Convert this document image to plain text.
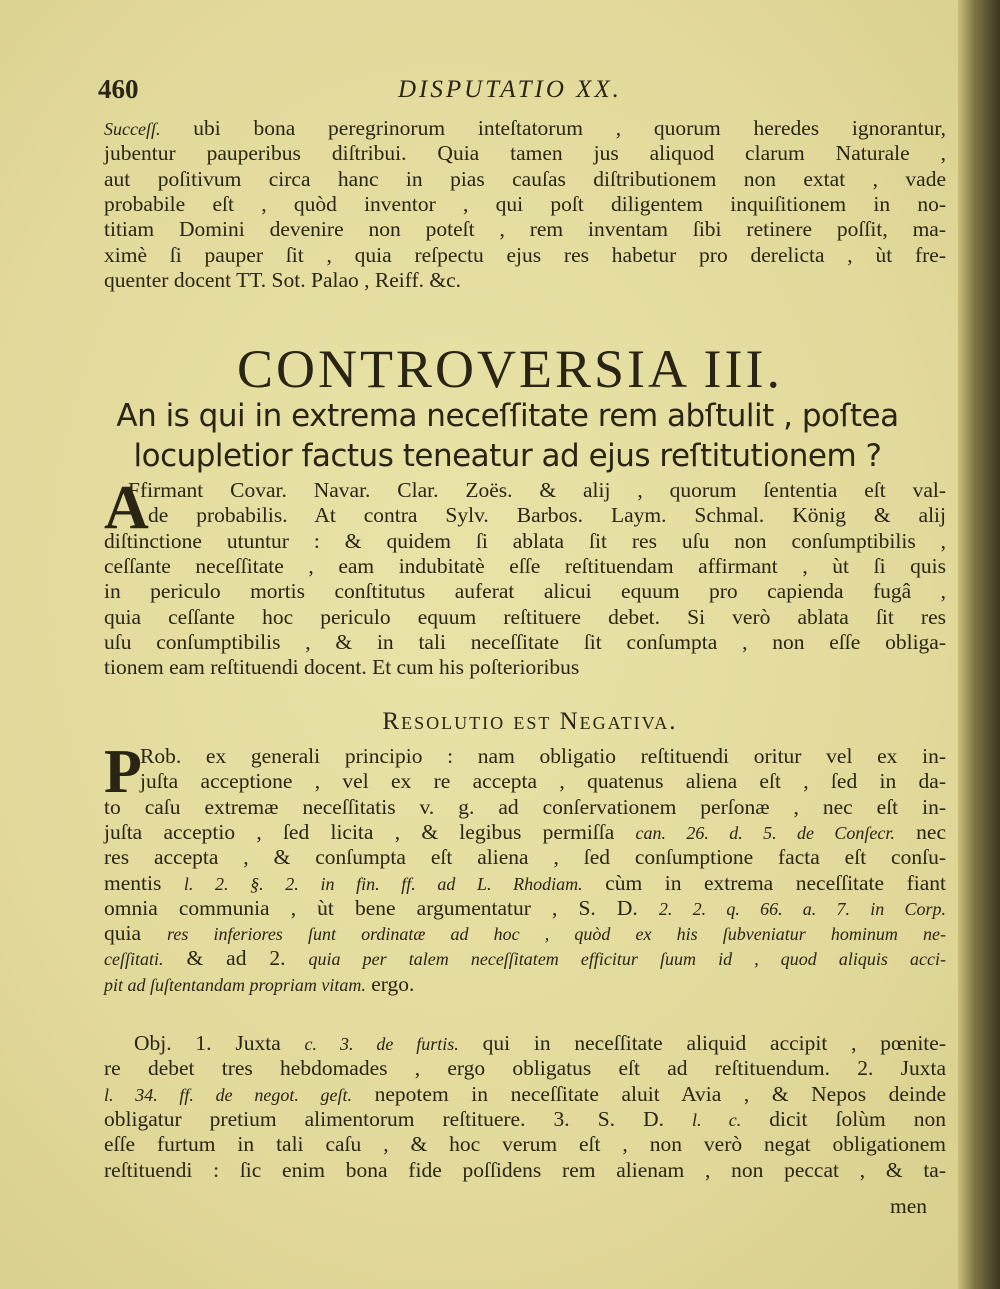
460	DISPUTATIO XX.
Succeſſ. ubi bona peregrinorum inteſtatorum , quorum heredes ignorantur,
jubentur pauperibus diſtribui. Quia tamen jus aliquod clarum Naturale ,
aut poſitivum circa hanc in pias cauſas diſtributionem non extat , vade
probabile eſt , quòd inventor , qui poſt diligentem inquiſitionem in no-
titiam Domini devenire non poteſt , rem inventam ſibi retinere poſſit, ma-
ximè ſi pauper ſit , quia reſpectu ejus res habetur pro derelicta , ùt fre-
quenter docent TT. Sot. Palao , Reiff. &c.
CONTROVERSIA III.
An is qui in extrema neceſſitate rem abſtulit , poſtea
locupletior factus teneatur ad ejus reſtitutionem ?
A
Ffirmant Covar. Navar. Clar. Zoës. & alij , quorum ſententia eſt val-
de probabilis. At contra Sylv. Barbos. Laym. Schmal. König & alij
diſtinctione utuntur : & quidem ſi ablata ſit res uſu non conſumptibilis ,
ceſſante neceſſitate , eam indubitatè eſſe reſtituendam affirmant , ùt ſi quis
in periculo mortis conſtitutus auferat alicui equum pro capienda fugâ ,
quia ceſſante hoc periculo equum reſtituere debet. Si verò ablata ſit res
uſu conſumptibilis , & in tali neceſſitate ſit conſumpta , non eſſe obliga-
tionem eam reſtituendi docent. Et cum his poſterioribus
Resolutio est Negativa.
P
Rob. ex generali principio : nam obligatio reſtituendi oritur vel ex in-
juſta acceptione , vel ex re accepta , quatenus aliena eſt , ſed in da-
to caſu extremæ neceſſitatis v. g. ad conſervationem perſonæ , nec eſt in-
juſta acceptio , ſed licita , & legibus permiſſa can. 26. d. 5. de Conſecr. nec
res accepta , & conſumpta eſt aliena , ſed conſumptione facta eſt conſu-
mentis l. 2. §. 2. in fin. ff. ad L. Rhodiam. cùm in extrema neceſſitate fiant
omnia communia , ùt bene argumentatur , S. D. 2. 2. q. 66. a. 7. in Corp.
quia res inferiores ſunt ordinatæ ad hoc , quòd ex his ſubveniatur hominum ne-
ceſſitati. & ad 2. quia per talem neceſſitatem efficitur ſuum id , quod aliquis acci-
pit ad ſuſtentandam propriam vitam. ergo.
Obj. 1. Juxta c. 3. de furtis. qui in neceſſitate aliquid accipit , pœnite-
re debet tres hebdomades , ergo obligatus eſt ad reſtituendum. 2. Juxta
l. 34. ff. de negot. geſt. nepotem in neceſſitate aluit Avia , & Nepos deinde
obligatur pretium alimentorum reſtituere. 3. S. D. l. c. dicit ſolùm non
eſſe furtum in tali caſu , & hoc verum eſt , non verò negat obligationem
reſtituendi : ſic enim bona fide poſſidens rem alienam , non peccat , & ta-
men
